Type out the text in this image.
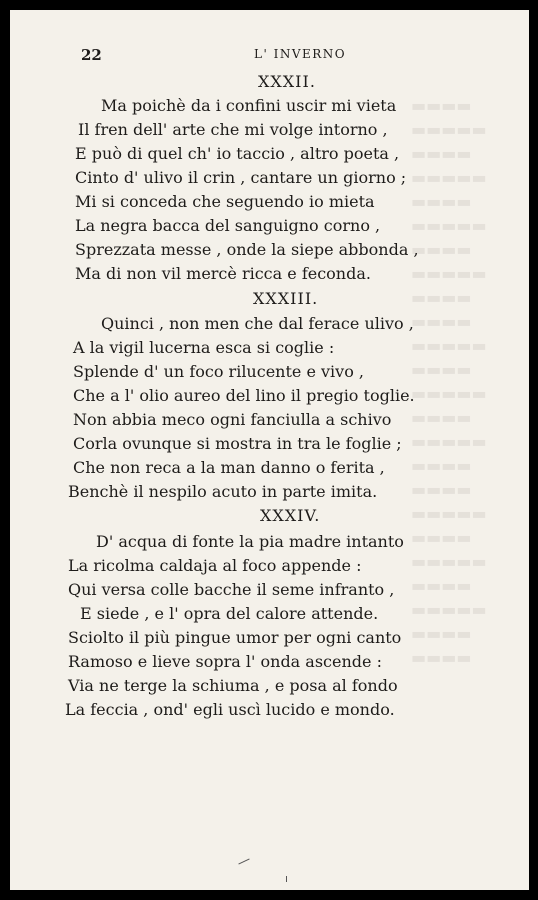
▬▬▬▬
▬▬▬▬▬
▬▬▬▬
▬▬▬▬▬
▬▬▬▬
▬▬▬▬▬
▬▬▬▬
▬▬▬▬▬
▬▬▬▬
▬▬▬▬
▬▬▬▬▬
▬▬▬▬
▬▬▬▬▬
▬▬▬▬
▬▬▬▬▬
▬▬▬▬
▬▬▬▬
▬▬▬▬▬
▬▬▬▬
▬▬▬▬▬
▬▬▬▬
▬▬▬▬▬
▬▬▬▬
▬▬▬▬
22	L' INVERNO
XXXII.
Ma poichè da i confini uscir mi vieta
Il fren dell' arte che mi volge intorno ,
E può di quel ch' io taccio , altro poeta ,
Cinto d' ulivo il crin , cantare un giorno ;
Mi si conceda che seguendo io mieta
La negra bacca del sanguigno corno ,
Sprezzata messe , onde la siepe abbonda ,
Ma di non vil mercè ricca e feconda.
XXXIII.
Quinci , non men che dal ferace ulivo ,
A la vigil lucerna esca si coglie :
Splende d' un foco rilucente e vivo ,
Che a l' olio aureo del lino il pregio toglie.
Non abbia meco ogni fanciulla a schivo
Corla ovunque si mostra in tra le foglie ;
Che non reca a la man danno o ferita ,
Benchè il nespilo acuto in parte imita.
XXXIV.
D' acqua di fonte la pia madre intanto
La ricolma caldaja al foco appende :
Qui versa colle bacche il seme infranto ,
E siede , e l' opra del calore attende.
Sciolto il più pingue umor per ogni canto
Ramoso e lieve sopra l' onda ascende :
Via ne terge la schiuma , e posa al fondo
La feccia , ond' egli uscì lucido e mondo.
